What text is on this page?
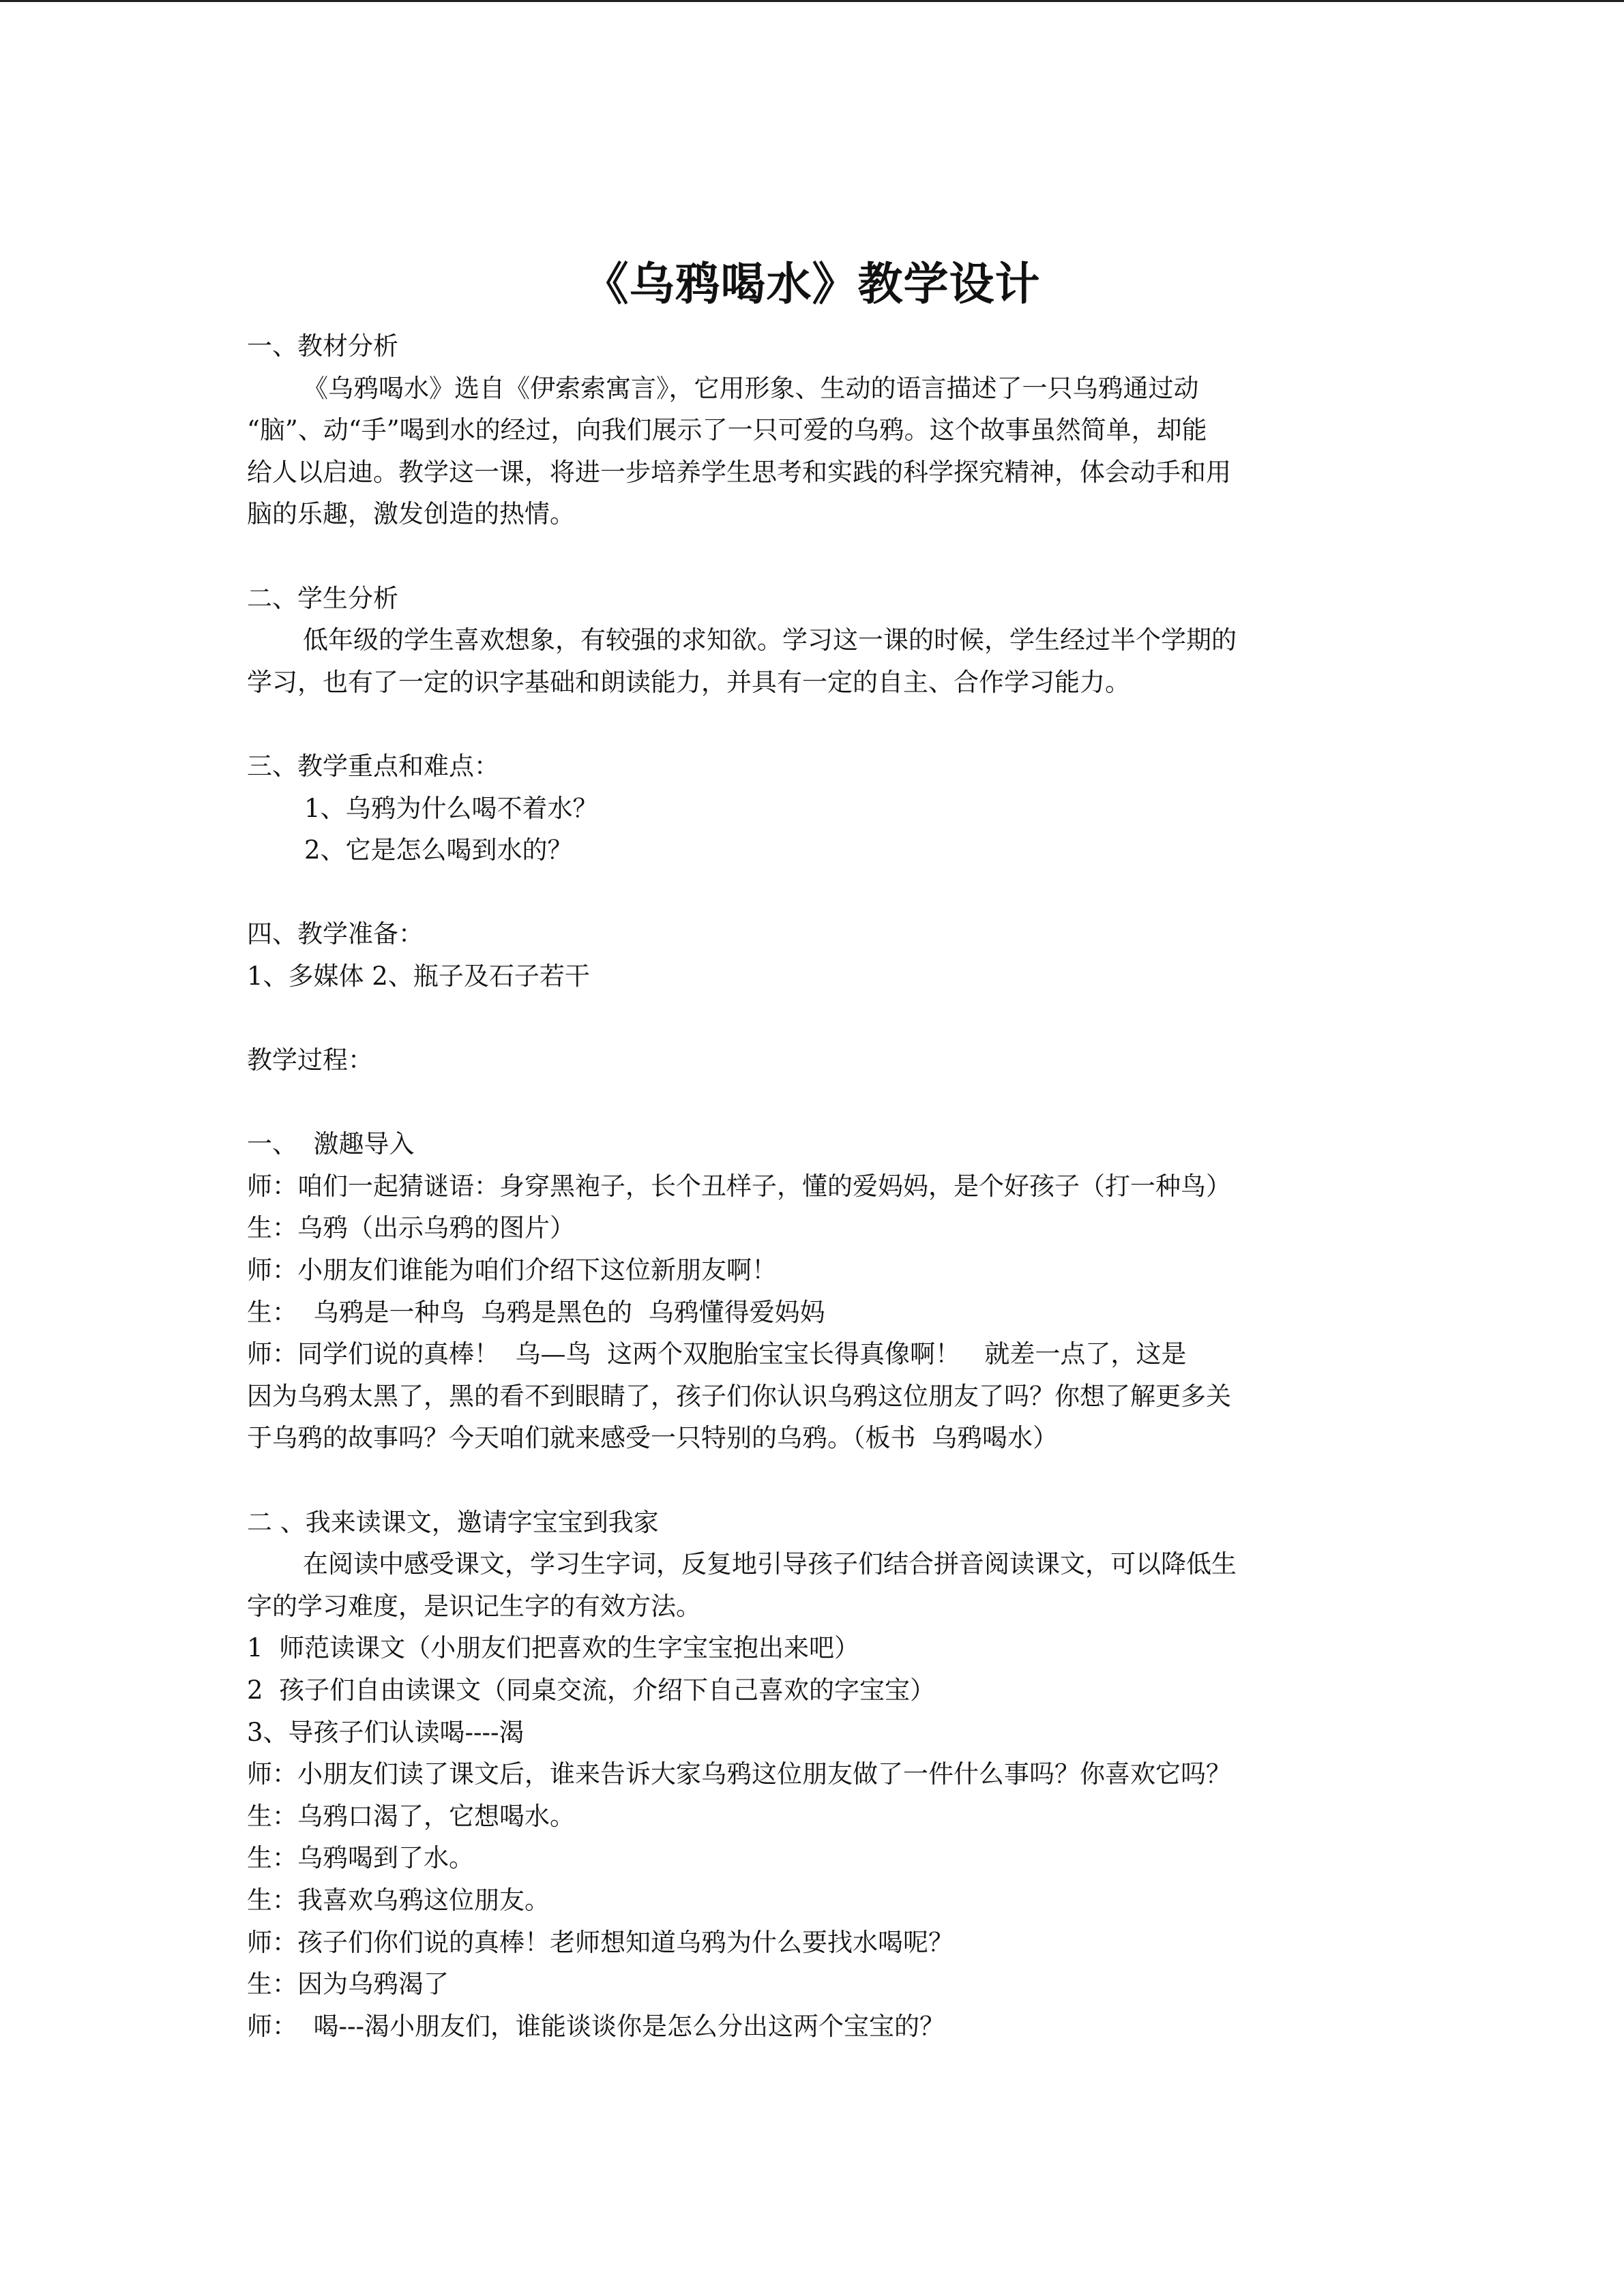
《乌鸦喝水》教学设计
一、教材分析
《乌鸦喝水》选自《伊索索寓言》，它用形象、生动的语言描述了一只乌鸦通过动
“脑”、动“手”喝到水的经过，向我们展示了一只可爱的乌鸦。这个故事虽然简单，却能
给人以启迪。教学这一课，将进一步培养学生思考和实践的科学探究精神，体会动手和用
脑的乐趣，激发创造的热情。
二、学生分析
低年级的学生喜欢想象，有较强的求知欲。学习这一课的时候，学生经过半个学期的
学习，也有了一定的识字基础和朗读能力，并具有一定的自主、合作学习能力。
三、教学重点和难点：
1、乌鸦为什么喝不着水？
2、它是怎么喝到水的？
四、教学准备：
1、多媒体 2、瓶子及石子若干
教学过程：
一、  激趣导入
师：咱们一起猜谜语：身穿黑袍子，长个丑样子，懂的爱妈妈，是个好孩子（打一种鸟）
生：乌鸦（出示乌鸦的图片）
师：小朋友们谁能为咱们介绍下这位新朋友啊！
生：  乌鸦是一种鸟  乌鸦是黑色的  乌鸦懂得爱妈妈
师：同学们说的真棒！  乌—鸟  这两个双胞胎宝宝长得真像啊！   就差一点了，这是
因为乌鸦太黑了，黑的看不到眼睛了，孩子们你认识乌鸦这位朋友了吗？你想了解更多关
于乌鸦的故事吗？今天咱们就来感受一只特别的乌鸦。（板书  乌鸦喝水）
二 、我来读课文，邀请字宝宝到我家
在阅读中感受课文，学习生字词，反复地引导孩子们结合拼音阅读课文，可以降低生
字的学习难度，是识记生字的有效方法。
1  师范读课文（小朋友们把喜欢的生字宝宝抱出来吧）
2  孩子们自由读课文（同桌交流，介绍下自己喜欢的字宝宝）
3、导孩子们认读喝----渴
师：小朋友们读了课文后，谁来告诉大家乌鸦这位朋友做了一件什么事吗？你喜欢它吗？
生：乌鸦口渴了，它想喝水。
生：乌鸦喝到了水。
生：我喜欢乌鸦这位朋友。
师：孩子们你们说的真棒！老师想知道乌鸦为什么要找水喝呢？
生：因为乌鸦渴了
师：  喝---渴小朋友们，谁能谈谈你是怎么分出这两个宝宝的？
